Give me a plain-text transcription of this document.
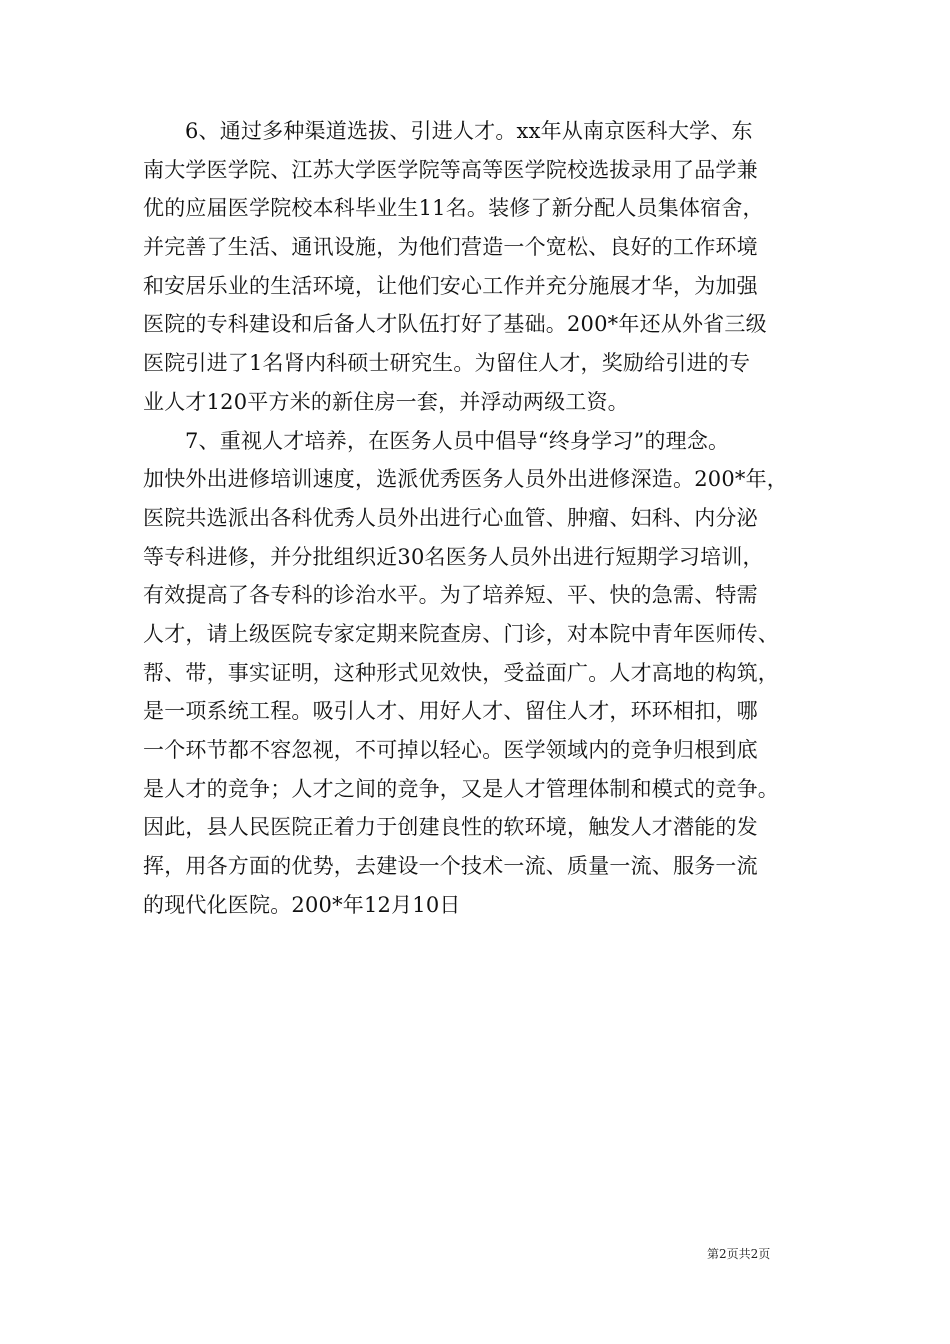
6、通过多种渠道选拔、引进人才。xx年从南京医科大学、东
南大学医学院、江苏大学医学院等高等医学院校选拔录用了品学兼
优的应届医学院校本科毕业生11名。装修了新分配人员集体宿舍，
并完善了生活、通讯设施，为他们营造一个宽松、良好的工作环境
和安居乐业的生活环境，让他们安心工作并充分施展才华，为加强
医院的专科建设和后备人才队伍打好了基础。200*年还从外省三级
医院引进了1名肾内科硕士研究生。为留住人才，奖励给引进的专
业人才120平方米的新住房一套，并浮动两级工资。
7、重视人才培养，在医务人员中倡导“终身学习”的理念。
加快外出进修培训速度，选派优秀医务人员外出进修深造。200*年，
医院共选派出各科优秀人员外出进行心血管、肿瘤、妇科、内分泌
等专科进修，并分批组织近30名医务人员外出进行短期学习培训，
有效提高了各专科的诊治水平。为了培养短、平、快的急需、特需
人才，请上级医院专家定期来院查房、门诊，对本院中青年医师传、
帮、带，事实证明，这种形式见效快，受益面广。人才高地的构筑，
是一项系统工程。吸引人才、用好人才、留住人才，环环相扣，哪
一个环节都不容忽视，不可掉以轻心。医学领域内的竞争归根到底
是人才的竞争；人才之间的竞争，又是人才管理体制和模式的竞争。
因此，县人民医院正着力于创建良性的软环境，触发人才潜能的发
挥，用各方面的优势，去建设一个技术一流、质量一流、服务一流
的现代化医院。200*年12月10日
第2页共2页
